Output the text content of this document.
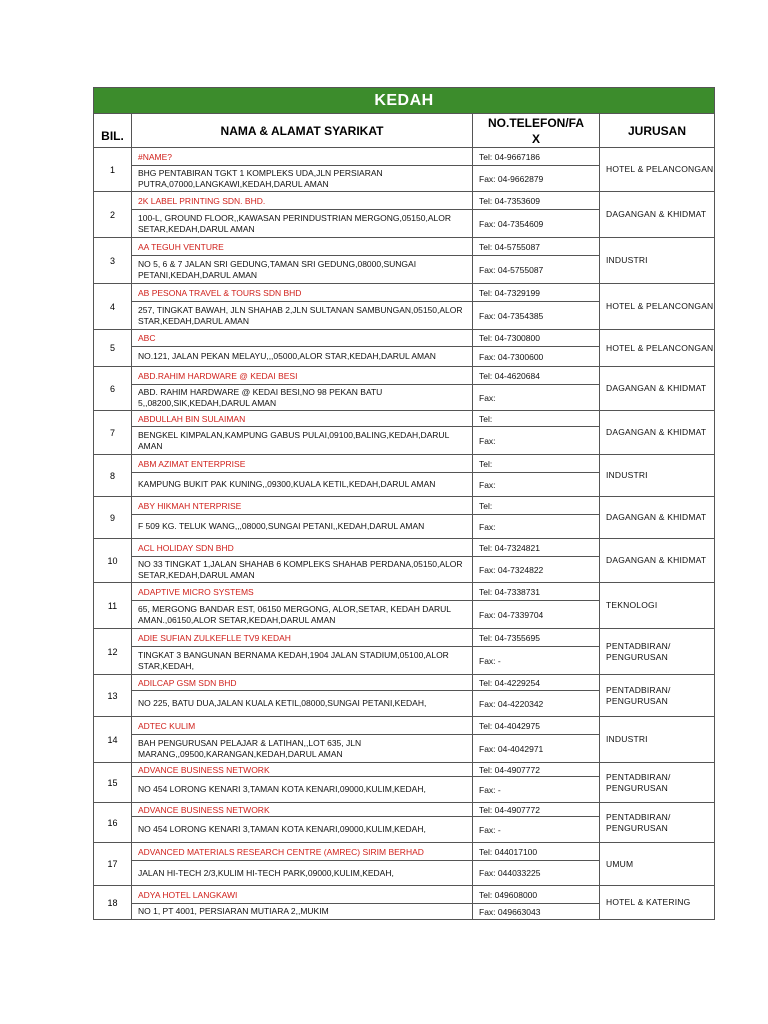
KEDAH			
BIL.	NAMA & ALAMAT SYARIKAT	NO.TELEFON/FA X	JURUSAN
1	#NAME?	Tel: 04-9667186	HOTEL & PELANCONGAN
	BHG PENTABIRAN TGKT 1 KOMPLEKS UDA,JLN PERSIARAN PUTRA,07000,LANGKAWI,KEDAH,DARUL AMAN	Fax: 04-9662879	
2	2K LABEL PRINTING SDN. BHD.	Tel: 04-7353609	DAGANGAN & KHIDMAT
	100-L, GROUND FLOOR,,KAWASAN PERINDUSTRIAN MERGONG,05150,ALOR SETAR,KEDAH,DARUL AMAN	Fax: 04-7354609	
3	AA TEGUH VENTURE	Tel: 04-5755087	INDUSTRI
	NO 5, 6 & 7 JALAN SRI GEDUNG,TAMAN SRI GEDUNG,08000,SUNGAI PETANI,KEDAH,DARUL AMAN	Fax: 04-5755087	
4	AB PESONA TRAVEL & TOURS SDN BHD	Tel: 04-7329199	HOTEL & PELANCONGAN
	257, TINGKAT BAWAH, JLN SHAHAB 2,JLN SULTANAN SAMBUNGAN,05150,ALOR STAR,KEDAH,DARUL AMAN	Fax: 04-7354385	
5	ABC	Tel: 04-7300800	HOTEL & PELANCONGAN
	NO.121, JALAN PEKAN MELAYU,,,05000,ALOR STAR,KEDAH,DARUL AMAN	Fax: 04-7300600	
6	ABD.RAHIM HARDWARE @ KEDAI BESI	Tel: 04-4620684	DAGANGAN & KHIDMAT
	ABD. RAHIM HARDWARE @ KEDAI BESI,NO 98 PEKAN BATU 5,,08200,SIK,KEDAH,DARUL AMAN	Fax:	
7	ABDULLAH BIN SULAIMAN	Tel:	DAGANGAN & KHIDMAT
	BENGKEL KIMPALAN,KAMPUNG GABUS PULAI,09100,BALING,KEDAH,DARUL AMAN	Fax:	
8	ABM AZIMAT ENTERPRISE	Tel:	INDUSTRI
	KAMPUNG BUKIT PAK KUNING,,09300,KUALA KETIL,KEDAH,DARUL AMAN	Fax:	
9	ABY HIKMAH NTERPRISE	Tel:	DAGANGAN & KHIDMAT
	F 509 KG. TELUK WANG,,,08000,SUNGAI PETANI,,KEDAH,DARUL AMAN	Fax:	
10	ACL HOLIDAY SDN BHD	Tel: 04-7324821	DAGANGAN & KHIDMAT
	NO 33 TINGKAT 1,JALAN SHAHAB 6 KOMPLEKS SHAHAB PERDANA,05150,ALOR SETAR,KEDAH,DARUL AMAN	Fax: 04-7324822	
11	ADAPTIVE MICRO SYSTEMS	Tel: 04-7338731	TEKNOLOGI
	65, MERGONG BANDAR EST, 06150 MERGONG, ALOR,SETAR, KEDAH DARUL AMAN.,06150,ALOR SETAR,KEDAH,DARUL AMAN	Fax: 04-7339704	
12	ADIE SUFIAN ZULKEFLLE TV9 KEDAH	Tel: 04-7355695	PENTADBIRAN/ PENGURUSAN
	TINGKAT 3 BANGUNAN BERNAMA KEDAH,1904 JALAN STADIUM,05100,ALOR STAR,KEDAH,	Fax: -	
13	ADILCAP GSM SDN BHD	Tel: 04-4229254	PENTADBIRAN/ PENGURUSAN
	NO 225, BATU DUA,JALAN KUALA KETIL,08000,SUNGAI PETANI,KEDAH,	Fax: 04-4220342	
14	ADTEC KULIM	Tel: 04-4042975	INDUSTRI
	BAH PENGURUSAN PELAJAR & LATIHAN,,LOT 635, JLN MARANG,,09500,KARANGAN,KEDAH,DARUL AMAN	Fax: 04-4042971	
15	ADVANCE BUSINESS NETWORK	Tel: 04-4907772	PENTADBIRAN/ PENGURUSAN
	NO 454 LORONG KENARI 3,TAMAN KOTA KENARI,09000,KULIM,KEDAH,	Fax: -	
16	ADVANCE BUSINESS NETWORK	Tel: 04-4907772	PENTADBIRAN/ PENGURUSAN
	NO 454 LORONG KENARI 3,TAMAN KOTA KENARI,09000,KULIM,KEDAH,	Fax: -	
17	ADVANCED MATERIALS RESEARCH CENTRE (AMREC) SIRIM BERHAD	Tel: 044017100	UMUM
	JALAN HI-TECH 2/3,KULIM HI-TECH PARK,09000,KULIM,KEDAH,	Fax: 044033225	
18	ADYA HOTEL LANGKAWI	Tel: 049608000	HOTEL & KATERING
	NO 1, PT 4001, PERSIARAN MUTIARA 2,,MUKIM	Fax: 049663043	
